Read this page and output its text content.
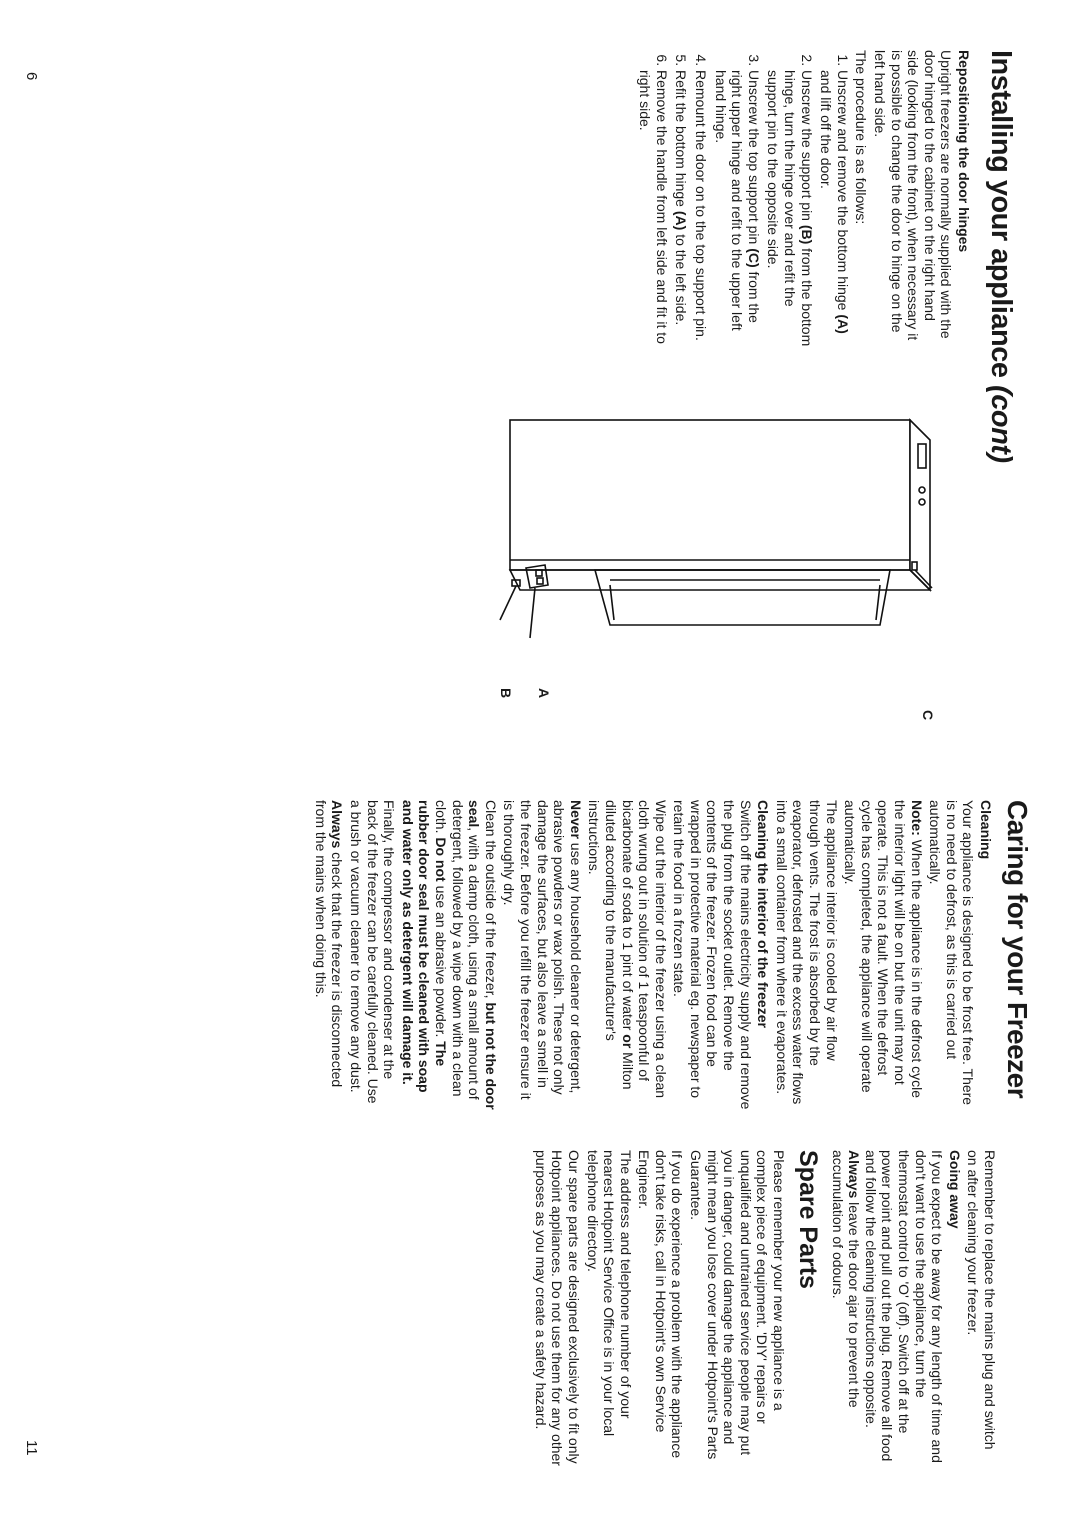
Installing your appliance (cont)
Repositioning the door hinges

Upright freezers are normally supplied with the door hinged to the cabinet on the right hand side (looking from the front), when necessary it is possible to change the door to hinge on the left hand side.

The procedure is as follows:

1. Unscrew and remove the bottom hinge (A) and lift off the door.
2. Unscrew the support pin (B) from the bottom hinge, turn the hinge over and refit the support pin to the opposite side.
3. Unscrew the top support pin (C) from the right upper hinge and refit to the upper left hand hinge.
4. Remount the door on to the top support pin.
5. Refit the bottom hinge (A) to the left side.
6. Remove the handle from left side and fit it to right side.
C
A
B
Caring for your Freezer
Cleaning

Your appliance is designed to be frost free. There is no need to defrost, as this is carried out automatically.

Note: When the appliance is in the defrost cycle the interior light will be on but the unit may not operate. This is not a fault. When the defrost cycle has completed, the appliance will operate automatically.

The appliance interior is cooled by air flow through vents. The frost is absorbed by the evaporator, defrosted and the excess water flows into a small container from where it evaporates.

Cleaning the interior of the freezer

Switch off the mains electricity supply and remove the plug from the socket outlet. Remove the contents of the freezer. Frozen food can be wrapped in protective material eg. newspaper to retain the food in a frozen state.

Wipe out the interior of the freezer using a clean cloth wrung out in solution of 1 teaspoonful of bicarbonate of soda to 1 pint of water or Milton diluted according to the manufacturer's instructions.

Never use any household cleaner or detergent, abrasive powders or wax polish. These not only damage the surfaces, but also leave a smell in the freezer. Before you refill the freezer ensure it is thoroughly dry.

Clean the outside of the freezer, but not the door seal, with a damp cloth, using a small amount of detergent, followed by a wipe down with a clean cloth. Do not use an abrasive powder. The rubber door seal must be cleaned with soap and water only as detergent will damage it.

Finally, the compressor and condenser at the back of the freezer can be carefully cleaned. Use a brush or vacuum cleaner to remove any dust.

Always check that the freezer is disconnected from the mains when doing this.

Remember to replace the mains plug and switch on after cleaning your freezer.

Going away

If you expect to be away for any length of time and don't want to use the appliance, turn the thermostat control to 'O' (off). Switch off at the power point and pull out the plug. Remove all food and follow the cleaning instructions opposite. Always leave the door ajar to prevent the accumulation of odours.

Spare Parts

Please remember your new appliance is a complex piece of equipment. 'DIY' repairs or unqualified and untrained service people may put you in danger, could damage the appliance and might mean you lose cover under Hotpoint's Parts Guarantee.

If you do experience a problem with the appliance don't take risks, call in Hotpoint's own Service Engineer.

The address and telephone number of your nearest Hotpoint Service Office is in your local telephone directory.

Our spare parts are designed exclusively to fit only Hotpoint appliances. Do not use them for any other purposes as you may create a safety hazard.

6
11
